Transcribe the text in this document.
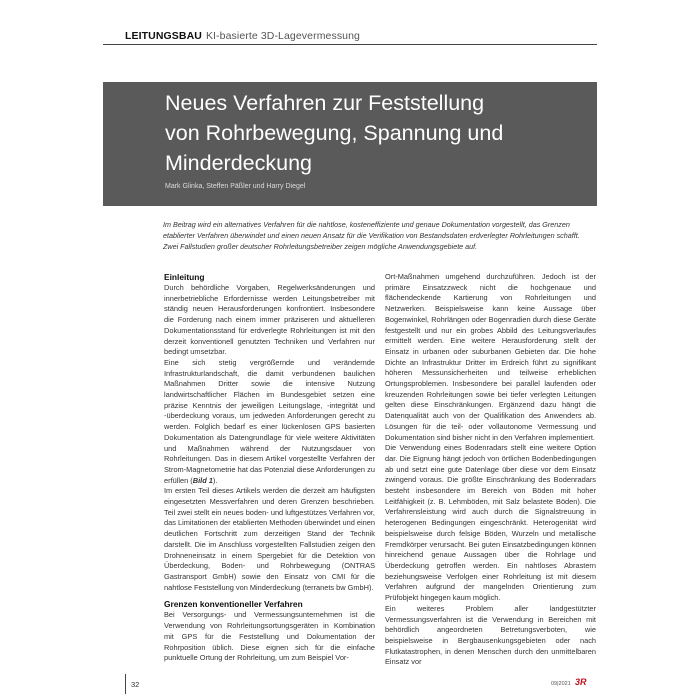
LEITUNGSBAU KI-basierte 3D-Lagevermessung
Neues Verfahren zur Feststellung
von Rohrbewegung, Spannung und
Minderdeckung
Mark Glinka, Steffen Päßler und Harry Diegel
Im Beitrag wird ein alternatives Verfahren für die nahtlose, kosteneffiziente und genaue Dokumentation vorgestellt, das Grenzen etablierter Verfahren überwindet und einen neuen Ansatz für die Verifikation von Bestandsdaten erdverlegter Rohrleitungen schafft. Zwei Fallstudien großer deutscher Rohrleitungsbetreiber zeigen mögliche Anwendungsgebiete auf.
Einleitung

Durch behördliche Vorgaben, Regelwerksänderungen und innerbetriebliche Erfordernisse werden Leitungsbetreiber mit ständig neuen Herausforderungen konfrontiert. Insbesondere die Forderung nach einem immer präziseren und aktuelleren Dokumentationsstand für erdverlegte Rohrleitungen ist mit den derzeit konventionell genutzten Techniken und Verfahren nur bedingt umsetzbar.

Eine sich stetig vergrößernde und verändernde Infrastrukturlandschaft, die damit verbundenen baulichen Maßnahmen Dritter sowie die intensive Nutzung landwirtschaftlicher Flächen im Bundesgebiet setzen eine präzise Kenntnis der jeweiligen Leitungslage, -integrität und -überdeckung voraus, um jedweden Anforderungen gerecht zu werden. Folglich bedarf es einer lückenlosen GPS basierten Dokumentation als Datengrundlage für viele weitere Aktivitäten und Maßnahmen während der Nutzungsdauer von Rohrleitungen. Das in diesem Artikel vorgestellte Verfahren der Strom-Magnetometrie hat das Potenzial diese Anforderungen zu erfüllen (Bild 1).

Im ersten Teil dieses Artikels werden die derzeit am häufigsten eingesetzten Messverfahren und deren Grenzen beschrieben. Teil zwei stellt ein neues boden- und luftgestützes Verfahren vor, das Limitationen der etablierten Methoden überwindet und einen deutlichen Fortschritt zum derzeitigen Stand der Technik darstellt. Die im Anschluss vorgestellten Fallstudien zeigen den Drohneneinsatz in einem Spergebiet für die Detektion von Überdeckung, Boden- und Rohrbewegung (ONTRAS Gastransport GmbH) sowie den Einsatz von CMI für die nahtlose Feststellung von Minderdeckung (terranets bw GmbH).

Grenzen konventioneller Verfahren

Bei Versorgungs- und Vermessungsunternehmen ist die Verwendung von Rohrleitungsortungsgeräten in Kombination mit GPS für die Feststellung und Dokumentation der Rohrposition üblich. Diese eignen sich für die einfache punktuelle Ortung der Rohrleitung, um zum Beispiel Vor-

Ort-Maßnahmen umgehend durchzuführen. Jedoch ist der primäre Einsatzzweck nicht die hochgenaue und flächendeckende Kartierung von Rohrleitungen und Netzwerken. Beispielsweise kann keine Aussage über Bogenwinkel, Rohrlängen oder Bogenradien durch diese Geräte festgestellt und nur ein grobes Abbild des Leitungsverlaufes ermittelt werden. Eine weitere Herausforderung stellt der Einsatz in urbanen oder suburbanen Gebieten dar. Die hohe Dichte an Infrastruktur Dritter im Erdreich führt zu signifikant höheren Messunsicherheiten und teilweise erheblichen Ortungsproblemen. Insbesondere bei parallel laufenden oder kreuzenden Rohrleitungen sowie bei tiefer verlegten Leitungen gelten diese Einschränkungen. Ergänzend dazu hängt die Datenqualität auch von der Qualifikation des Anwenders ab. Lösungen für die teil- oder vollautonome Vermessung und Dokumentation sind bisher nicht in den Verfahren implementiert.

Die Verwendung eines Bodenradars stellt eine weitere Option dar. Die Eignung hängt jedoch von örtlichen Bodenbedingungen ab und setzt eine gute Datenlage über diese vor dem Einsatz zwingend voraus. Die größte Einschränkung des Bodenradars besteht insbesondere im Bereich von Böden mit hoher Leitfähigkeit (z. B. Lehmböden, mit Salz belastete Böden). Die Verfahrensleistung wird auch durch die Signalstreuung in heterogenen Bedingungen eingeschränkt. Heterogenität wird beispielsweise durch felsige Böden, Wurzeln und metallische Fremdkörper verursacht. Bei guten Einsatzbedingungen können hinreichend genaue Aussagen über die Rohrlage und Überdeckung getroffen werden. Ein nahtloses Abrastern beziehungsweise Verfolgen einer Rohrleitung ist mit diesem Verfahren aufgrund der mangelnden Orientierung zum Prüfobjekt hingegen kaum möglich.

Ein weiteres Problem aller landgestützter Vermessungsverfahren ist die Verwendung in Bereichen mit behördlich angeordneten Betretungsverboten, wie beispielsweise in Bergbausenkungsgebieten oder nach Flutkatastrophen, in denen Menschen durch den unmittelbaren Einsatz vor

32	09|2021 3R
